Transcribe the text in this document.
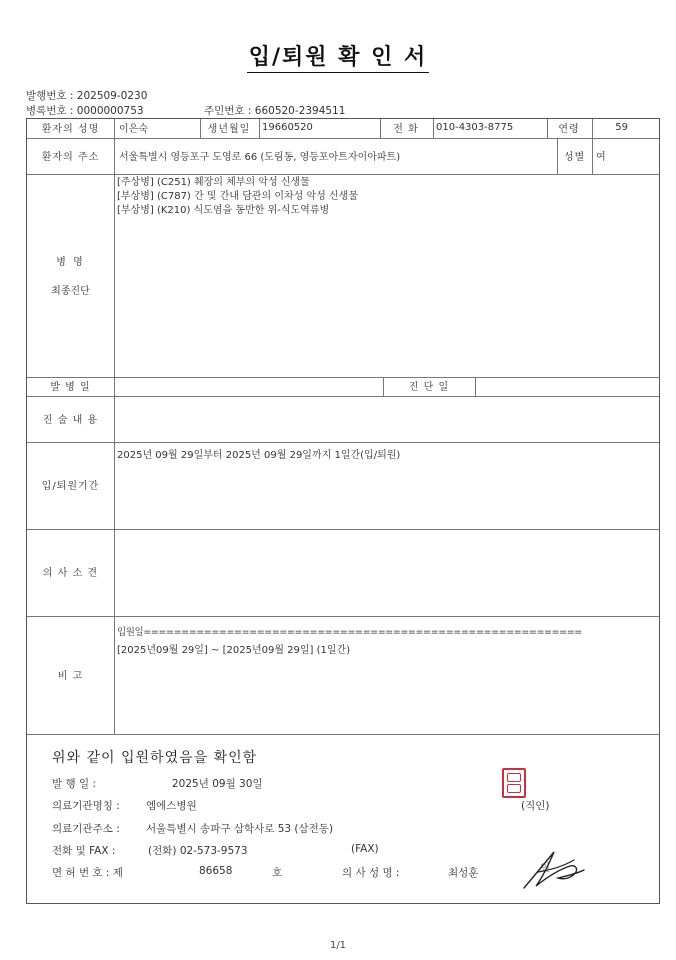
입/퇴원 확 인 서
발행번호 : 202509-0230
병록번호 : 0000000753	주민번호 : 660520-2394511
환자의 성명	이은숙	생년월일	19660520	전 화	010-4303-8775	연령	59
환자의 주소	서울특별시 영등포구 도영로 66 (도림동, 영등포아트자이아파트)	성별	여
병 명
최종진단
[주상병] (C251) 췌장의 체부의 악성 신생물
[부상병] (C787) 간 및 간내 담관의 이차성 악성 신생물
[부상병] (K210) 식도염을 동반한 위-식도역류병
발 병 일	진 단 일
진 술 내 용
입/퇴원기간
2025년 09월 29일부터 2025년 09월 29일까지 1일간(입/퇴원)
의 사 소 견
비 고
입원일==========================================================
[2025년09월 29일] ~ [2025년09월 29일] (1일간)
위와 같이 입원하였음을 확인함
발 행 일 :	2025년 09월 30일
(직인)
의료기관명칭 :	엠에스병원
의료기관주소 :	서울특별시 송파구 삼학사로 53 (삼전동)
전화 및 FAX :	(전화) 02-573-9573	(FAX)
면 허 번 호 : 제	86658	호	의 사 성 명 :	최성훈	인
1/1
